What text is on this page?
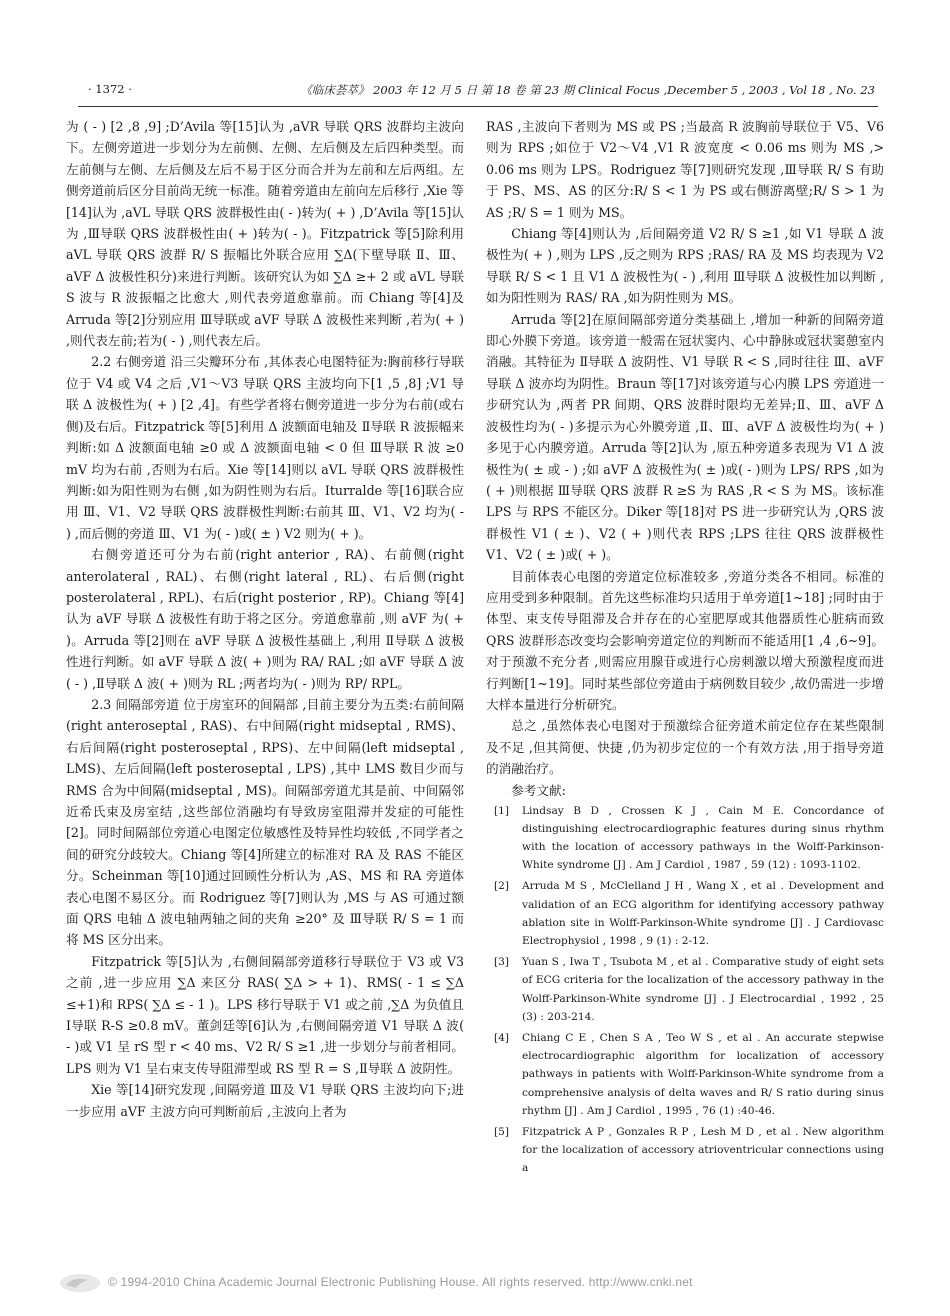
· 1372 ·	《临床荟萃》 2003 年 12 月 5 日 第 18 卷 第 23 期 Clinical Focus ,December 5 , 2003 , Vol 18 , No. 23

为 ( - ) [2 ,8 ,9] ;D’Avila 等[15]认为 ,aVR 导联 QRS 波群均主波向下。左侧旁道进一步划分为左前侧、左侧、左后侧及左后四种类型。而左前侧与左侧、左后侧及左后不易于区分而合并为左前和左后两组。左侧旁道前后区分目前尚无统一标准。随着旁道由左前向左后移行 ,Xie 等[14]认为 ,aVL 导联 QRS 波群极性由( - )转为( + ) ,D’Avila 等[15]认为 ,Ⅲ导联 QRS 波群极性由( + )转为( - )。Fitzpatrick 等[5]除利用 aVL 导联 QRS 波群 R/ S 振幅比外联合应用 ∑Δ(下壁导联 Ⅱ、Ⅲ、aVF Δ 波极性积分)来进行判断。该研究认为如 ∑Δ ≥+ 2 或 aVL 导联 S 波与 R 波振幅之比愈大 ,则代表旁道愈靠前。而 Chiang 等[4]及 Arruda 等[2]分别应用 Ⅲ导联或 aVF 导联 Δ 波极性来判断 ,若为( + ) ,则代表左前;若为( - ) ,则代表左后。

2.2 右侧旁道 沿三尖瓣环分布 ,其体表心电图特征为:胸前移行导联位于 V4 或 V4 之后 ,V1～V3 导联 QRS 主波均向下[1 ,5 ,8] ;V1 导联 Δ 波极性为( + ) [2 ,4]。有些学者将右侧旁道进一步分为右前(或右侧)及右后。Fitzpatrick 等[5]利用 Δ 波额面电轴及 Ⅱ导联 R 波振幅来判断:如 Δ 波额面电轴 ≥0 或 Δ 波额面电轴 < 0 但 Ⅲ导联 R 波 ≥0 mV 均为右前 ,否则为右后。Xie 等[14]则以 aVL 导联 QRS 波群极性判断:如为阳性则为右侧 ,如为阴性则为右后。Iturralde 等[16]联合应用 Ⅲ、V1、V2 导联 QRS 波群极性判断:右前其 Ⅲ、V1、V2 均为( - ) ,而后侧的旁道 Ⅲ、V1 为( - )或( ± ) V2 则为( + )。

右侧旁道还可分为右前(right anterior , RA)、右前侧(right anterolateral , RAL)、右侧(right lateral , RL)、右后侧(right posterolateral , RPL)、右后(right posterior , RP)。Chiang 等[4]认为 aVF 导联 Δ 波极性有助于将之区分。旁道愈靠前 ,则 aVF 为( + )。Arruda 等[2]则在 aVF 导联 Δ 波极性基础上 ,利用 Ⅱ导联 Δ 波极性进行判断。如 aVF 导联 Δ 波( + )则为 RA/ RAL ;如 aVF 导联 Δ 波( - ) ,Ⅱ导联 Δ 波( + )则为 RL ;两者均为( - )则为 RP/ RPL。

2.3 间隔部旁道 位于房室环的间隔部 ,目前主要分为五类:右前间隔(right anteroseptal , RAS)、右中间隔(right midseptal , RMS)、右后间隔(right posteroseptal , RPS)、左中间隔(left midseptal , LMS)、左后间隔(left posteroseptal , LPS) ,其中 LMS 数目少而与 RMS 合为中间隔(midseptal , MS)。间隔部旁道尤其是前、中间隔邻近希氏束及房室结 ,这些部位消融均有导致房室阻滞并发症的可能性[2]。同时间隔部位旁道心电图定位敏感性及特异性均较低 ,不同学者之间的研究分歧较大。Chiang 等[4]所建立的标准对 RA 及 RAS 不能区分。Scheinman 等[10]通过回顾性分析认为 ,AS、MS 和 RA 旁道体表心电图不易区分。而 Rodriguez 等[7]则认为 ,MS 与 AS 可通过额面 QRS 电轴 Δ 波电轴两轴之间的夹角 ≥20° 及 Ⅲ导联 R/ S = 1 而将 MS 区分出来。

Fitzpatrick 等[5]认为 ,右侧间隔部旁道移行导联位于 V3 或 V3 之前 ,进一步应用 ∑Δ 来区分 RAS( ∑Δ > + 1)、RMS( - 1 ≤ ∑Δ ≤+1)和 RPS( ∑Δ ≤ - 1 )。LPS 移行导联于 V1 或之前 ,∑Δ 为负值且 Ⅰ导联 R-S ≥0.8 mV。董剑廷等[6]认为 ,右侧间隔旁道 V1 导联 Δ 波( - )或 V1 呈 rS 型 r < 40 ms、V2 R/ S ≥1 ,进一步划分与前者相同。LPS 则为 V1 呈右束支传导阻滞型或 RS 型 R = S ,Ⅱ导联 Δ 波阴性。

Xie 等[14]研究发现 ,间隔旁道 Ⅲ及 V1 导联 QRS 主波均向下;进一步应用 aVF 主波方向可判断前后 ,主波向上者为

RAS ,主波向下者则为 MS 或 PS ;当最高 R 波胸前导联位于 V5、V6 则为 RPS ;如位于 V2～V4 ,V1 R 波宽度 < 0.06 ms 则为 MS ,> 0.06 ms 则为 LPS。Rodriguez 等[7]则研究发现 ,Ⅲ导联 R/ S 有助于 PS、MS、AS 的区分:R/ S < 1 为 PS 或右侧游离壁;R/ S > 1 为 AS ;R/ S = 1 则为 MS。

Chiang 等[4]则认为 ,后间隔旁道 V2 R/ S ≥1 ,如 V1 导联 Δ 波极性为( + ) ,则为 LPS ,反之则为 RPS ;RAS/ RA 及 MS 均表现为 V2 导联 R/ S < 1 且 V1 Δ 波极性为( - ) ,利用 Ⅲ导联 Δ 波极性加以判断 ,如为阳性则为 RAS/ RA ,如为阴性则为 MS。

Arruda 等[2]在原间隔部旁道分类基础上 ,增加一种新的间隔旁道即心外膜下旁道。该旁道一般需在冠状窦内、心中静脉或冠状窦憩室内消融。其特征为 Ⅱ导联 Δ 波阴性、V1 导联 R < S ,同时往往 Ⅲ、aVF 导联 Δ 波亦均为阴性。Braun 等[17]对该旁道与心内膜 LPS 旁道进一步研究认为 ,两者 PR 间期、QRS 波群时限均无差异;Ⅱ、Ⅲ、aVF Δ 波极性均为( - )多提示为心外膜旁道 ,Ⅱ、Ⅲ、aVF Δ 波极性均为( + )多见于心内膜旁道。Arruda 等[2]认为 ,原五种旁道多表现为 V1 Δ 波极性为( ± 或 - ) ;如 aVF Δ 波极性为( ± )或( - )则为 LPS/ RPS ,如为( + )则根据 Ⅲ导联 QRS 波群 R ≥S 为 RAS ,R < S 为 MS。该标准 LPS 与 RPS 不能区分。Diker 等[18]对 PS 进一步研究认为 ,QRS 波群极性 V1 ( ± )、V2 ( + )则代表 RPS ;LPS 往往 QRS 波群极性 V1、V2 ( ± )或( + )。

目前体表心电图的旁道定位标准较多 ,旁道分类各不相同。标准的应用受到多种限制。首先这些标准均只适用于单旁道[1~18] ;同时由于体型、束支传导阻滞及合并存在的心室肥厚或其他器质性心脏病而致 QRS 波群形态改变均会影响旁道定位的判断而不能适用[1 ,4 ,6~9]。对于预激不充分者 ,则需应用腺苷或进行心房刺激以增大预激程度而进行判断[1~19]。同时某些部位旁道由于病例数目较少 ,故仍需进一步增大样本量进行分析研究。

总之 ,虽然体表心电图对于预激综合征旁道术前定位存在某些限制及不足 ,但其简便、快捷 ,仍为初步定位的一个有效方法 ,用于指导旁道的消融治疗。

参考文献:

[1]	Lindsay B D , Crossen K J , Cain M E. Concordance of distinguishing electrocardiographic features during sinus rhythm with the location of accessory pathways in the Wolff-Parkinson-White syndrome [J] . Am J Cardiol , 1987 , 59 (12) : 1093-1102.
[2]	Arruda M S , McClelland J H , Wang X , et al . Development and validation of an ECG algorithm for identifying accessory pathway ablation site in Wolff-Parkinson-White syndrome [J] . J Cardiovasc Electrophysiol , 1998 , 9 (1) : 2-12.
[3]	Yuan S , Iwa T , Tsubota M , et al . Comparative study of eight sets of ECG criteria for the localization of the accessory pathway in the Wolff-Parkinson-White syndrome [J] . J Electrocardial , 1992 , 25 (3) : 203-214.
[4]	Chiang C E , Chen S A , Teo W S , et al . An accurate stepwise electrocardiographic algorithm for localization of accessory pathways in patients with Wolff-Parkinson-White syndrome from a comprehensive analysis of delta waves and R/ S ratio during sinus rhythm [J] . Am J Cardiol , 1995 , 76 (1) :40-46.
[5]	Fitzpatrick A P , Gonzales R P , Lesh M D , et al . New algorithm for the localization of accessory atrioventricular connections using a
© 1994-2010 China Academic Journal Electronic Publishing House. All rights reserved. http://www.cnki.net
